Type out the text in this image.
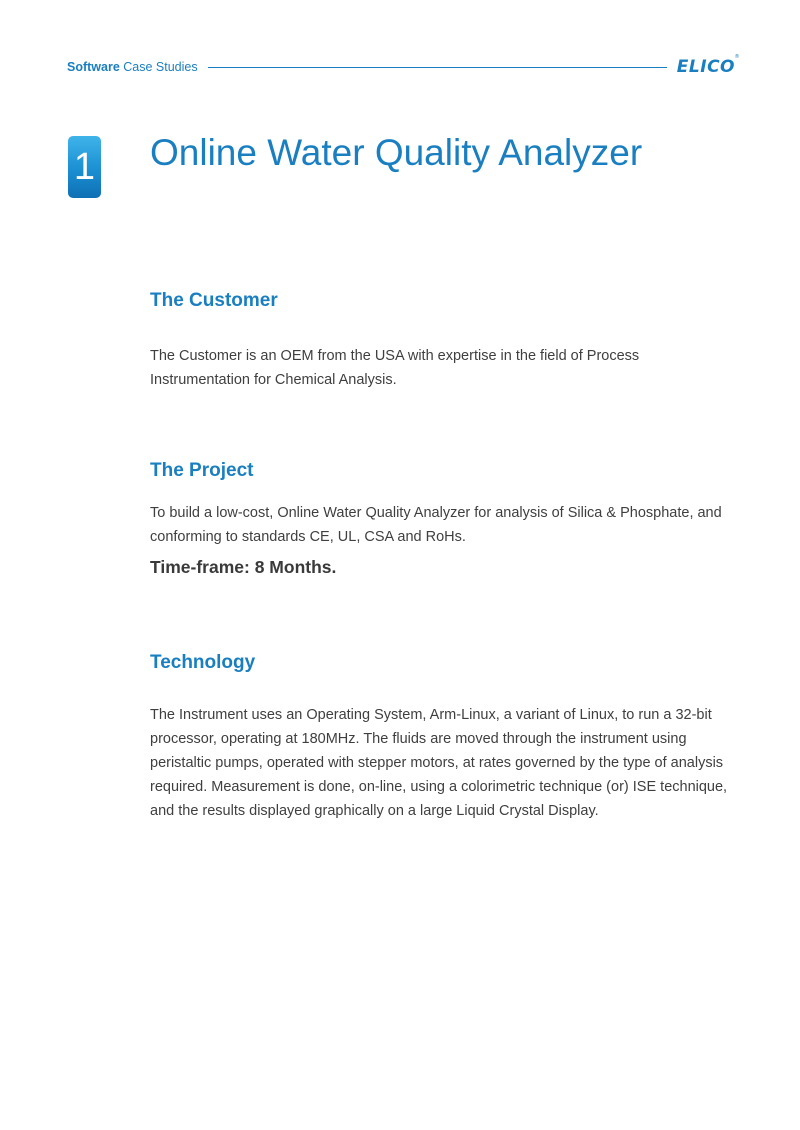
Software Case Studies	ELICO ®
1 Online Water Quality Analyzer
The Customer

The Customer is an OEM from the USA with expertise in the field of Process Instrumentation for Chemical Analysis.

The Project

To build a low-cost, Online Water Quality Analyzer for analysis of Silica & Phosphate, and conforming to standards CE, UL, CSA and RoHs.

Time-frame: 8 Months.

Technology

The Instrument uses an Operating System, Arm-Linux, a variant of Linux, to run a 32-bit processor, operating at 180MHz. The fluids are moved through the instrument using peristaltic pumps, operated with stepper motors, at rates governed by the type of analysis required. Measurement is done, on-line, using a colorimetric technique (or) ISE technique, and the results displayed graphically on a large Liquid Crystal Display.
